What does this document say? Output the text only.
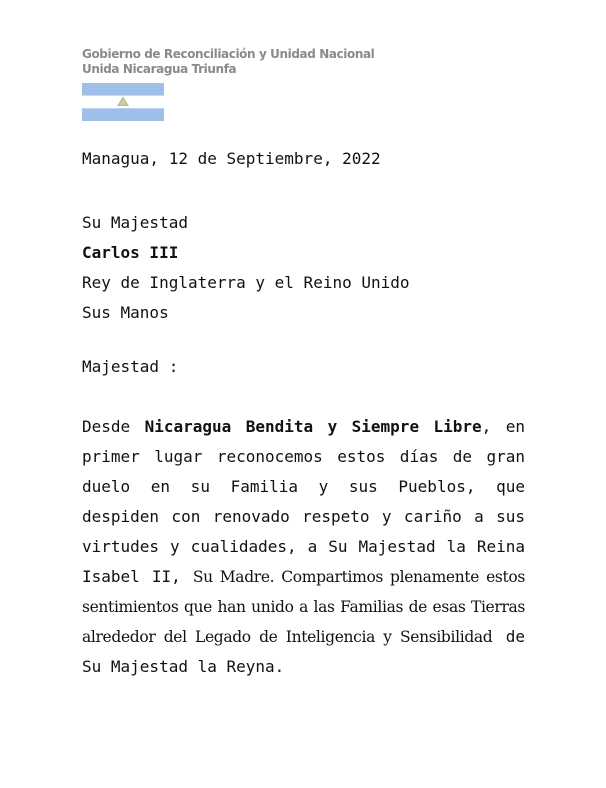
Gobierno de Reconciliación y Unidad Nacional
Unida Nicaragua Triunfa
Managua, 12 de Septiembre, 2022
Su Majestad
Carlos III
Rey de Inglaterra y el Reino Unido
Sus Manos
Majestad :
Desde Nicaragua Bendita y Siempre Libre, en primer lugar reconocemos estos días de gran duelo en su Familia y sus Pueblos, que despiden con renovado respeto y cariño a sus virtudes y cualidades, a Su Majestad la Reina Isabel II, Su Madre. Compartimos plenamente estos sentimientos que han unido a las Familias de esas Tierras alrededor del Legado de Inteligencia y Sensibilidad de Su Majestad la Reyna.
